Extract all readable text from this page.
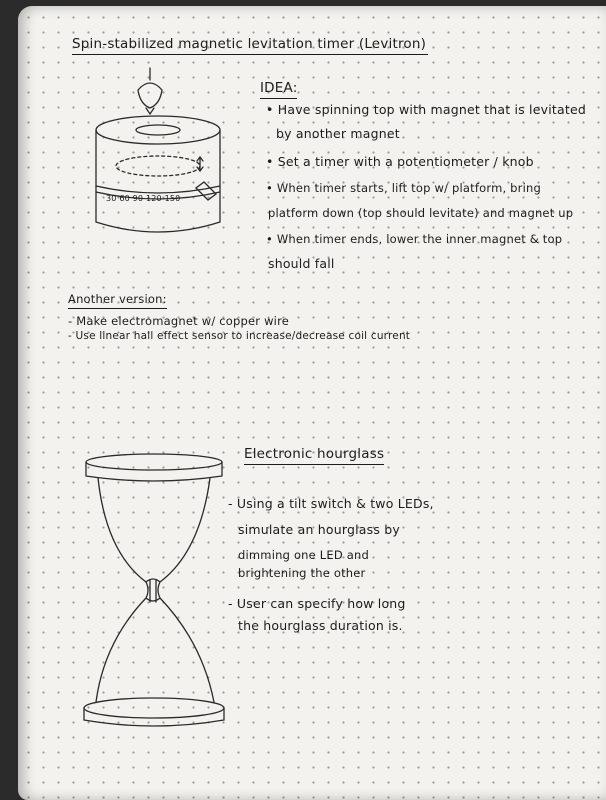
Spin-stabilized magnetic levitation timer (Levitron)
30 60 90 120 150
IDEA:
• Have spinning top with magnet that is levitated
by another magnet
• Set a timer with a potentiometer / knob
• When timer starts, lift top w/ platform, bring
platform down (top should levitate) and magnet up
• When timer ends, lower the inner magnet & top
should fall
Another version:
- Make electromagnet w/ copper wire
- Use linear hall effect sensor to increase/decrease coil current
Electronic hourglass
- Using a tilt switch & two LEDs,
simulate an hourglass by
dimming one LED and
brightening the other
- User can specify how long
the hourglass duration is.
